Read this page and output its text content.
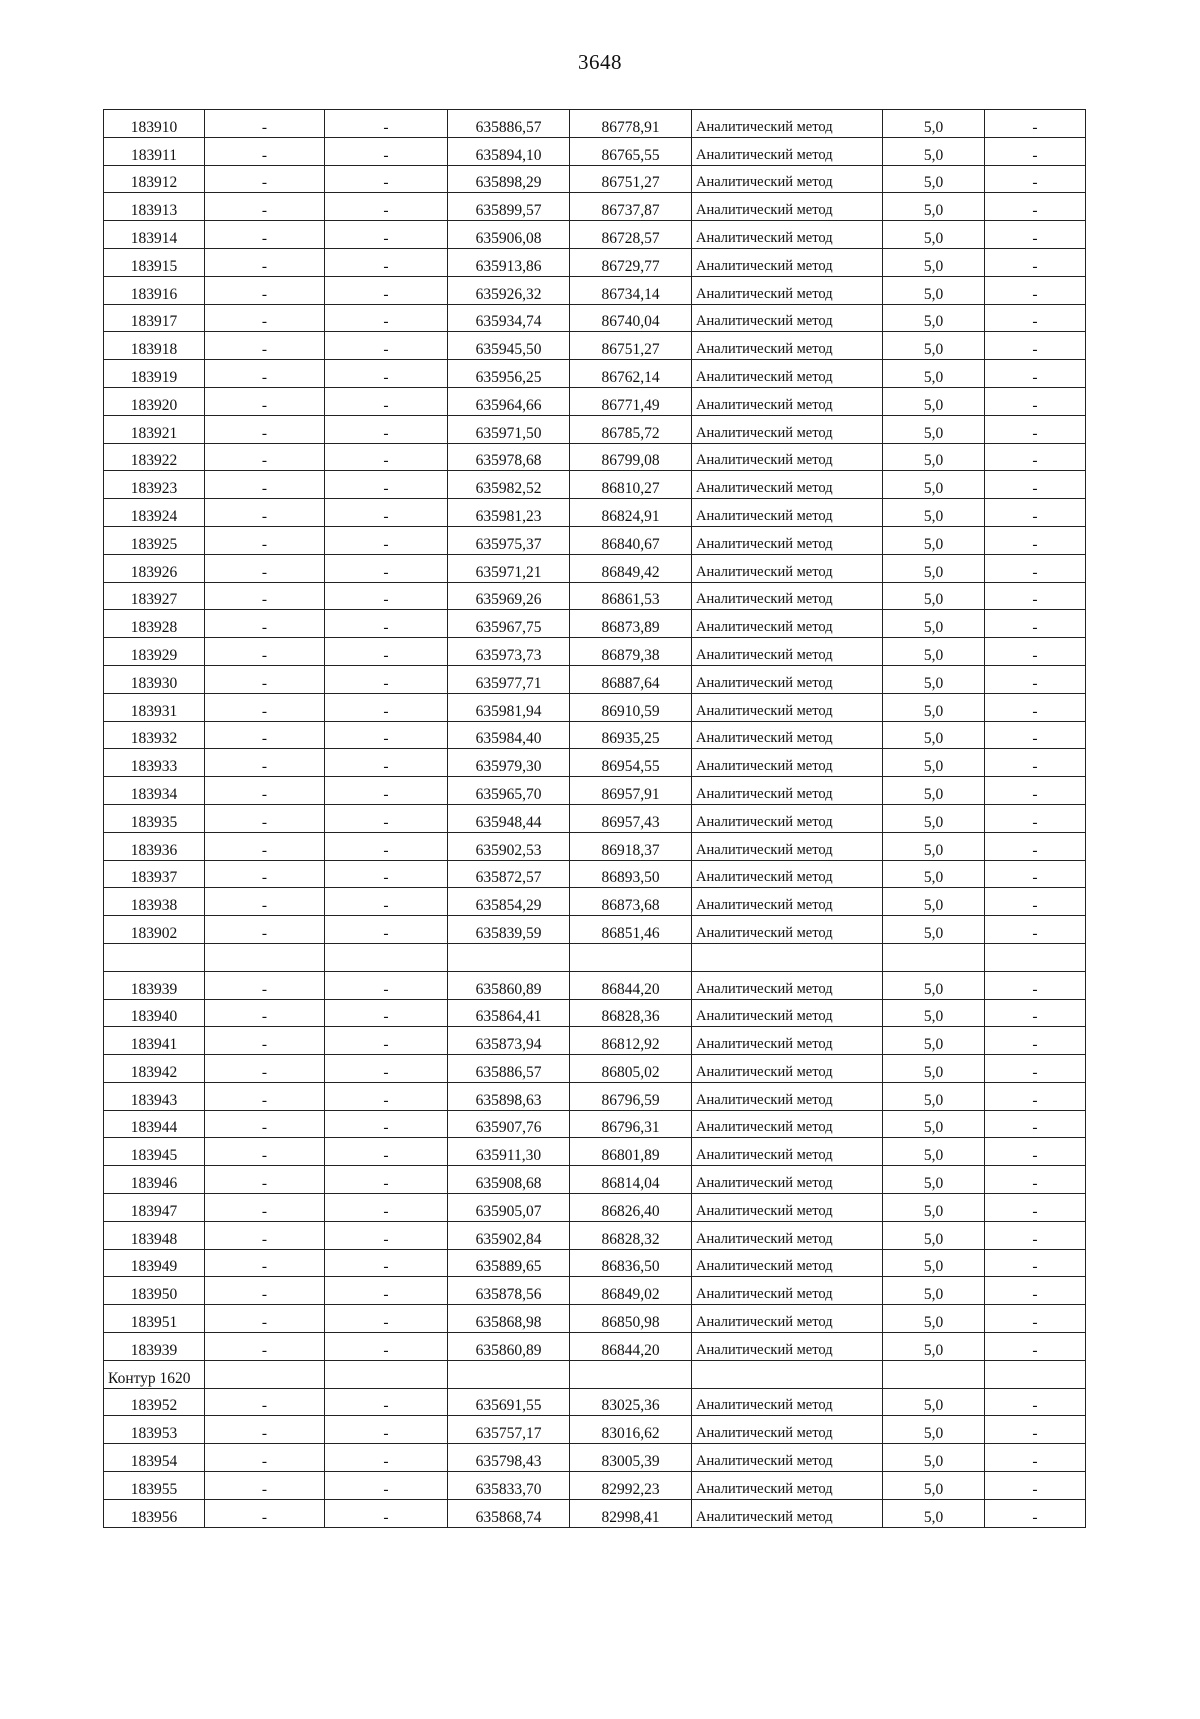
3648
183910	-	-	635886,57	86778,91	Аналитический метод	5,0	-
183911	-	-	635894,10	86765,55	Аналитический метод	5,0	-
183912	-	-	635898,29	86751,27	Аналитический метод	5,0	-
183913	-	-	635899,57	86737,87	Аналитический метод	5,0	-
183914	-	-	635906,08	86728,57	Аналитический метод	5,0	-
183915	-	-	635913,86	86729,77	Аналитический метод	5,0	-
183916	-	-	635926,32	86734,14	Аналитический метод	5,0	-
183917	-	-	635934,74	86740,04	Аналитический метод	5,0	-
183918	-	-	635945,50	86751,27	Аналитический метод	5,0	-
183919	-	-	635956,25	86762,14	Аналитический метод	5,0	-
183920	-	-	635964,66	86771,49	Аналитический метод	5,0	-
183921	-	-	635971,50	86785,72	Аналитический метод	5,0	-
183922	-	-	635978,68	86799,08	Аналитический метод	5,0	-
183923	-	-	635982,52	86810,27	Аналитический метод	5,0	-
183924	-	-	635981,23	86824,91	Аналитический метод	5,0	-
183925	-	-	635975,37	86840,67	Аналитический метод	5,0	-
183926	-	-	635971,21	86849,42	Аналитический метод	5,0	-
183927	-	-	635969,26	86861,53	Аналитический метод	5,0	-
183928	-	-	635967,75	86873,89	Аналитический метод	5,0	-
183929	-	-	635973,73	86879,38	Аналитический метод	5,0	-
183930	-	-	635977,71	86887,64	Аналитический метод	5,0	-
183931	-	-	635981,94	86910,59	Аналитический метод	5,0	-
183932	-	-	635984,40	86935,25	Аналитический метод	5,0	-
183933	-	-	635979,30	86954,55	Аналитический метод	5,0	-
183934	-	-	635965,70	86957,91	Аналитический метод	5,0	-
183935	-	-	635948,44	86957,43	Аналитический метод	5,0	-
183936	-	-	635902,53	86918,37	Аналитический метод	5,0	-
183937	-	-	635872,57	86893,50	Аналитический метод	5,0	-
183938	-	-	635854,29	86873,68	Аналитический метод	5,0	-
183902	-	-	635839,59	86851,46	Аналитический метод	5,0	-

183939	-	-	635860,89	86844,20	Аналитический метод	5,0	-
183940	-	-	635864,41	86828,36	Аналитический метод	5,0	-
183941	-	-	635873,94	86812,92	Аналитический метод	5,0	-
183942	-	-	635886,57	86805,02	Аналитический метод	5,0	-
183943	-	-	635898,63	86796,59	Аналитический метод	5,0	-
183944	-	-	635907,76	86796,31	Аналитический метод	5,0	-
183945	-	-	635911,30	86801,89	Аналитический метод	5,0	-
183946	-	-	635908,68	86814,04	Аналитический метод	5,0	-
183947	-	-	635905,07	86826,40	Аналитический метод	5,0	-
183948	-	-	635902,84	86828,32	Аналитический метод	5,0	-
183949	-	-	635889,65	86836,50	Аналитический метод	5,0	-
183950	-	-	635878,56	86849,02	Аналитический метод	5,0	-
183951	-	-	635868,98	86850,98	Аналитический метод	5,0	-
183939	-	-	635860,89	86844,20	Аналитический метод	5,0	-
Контур 1620							
183952	-	-	635691,55	83025,36	Аналитический метод	5,0	-
183953	-	-	635757,17	83016,62	Аналитический метод	5,0	-
183954	-	-	635798,43	83005,39	Аналитический метод	5,0	-
183955	-	-	635833,70	82992,23	Аналитический метод	5,0	-
183956	-	-	635868,74	82998,41	Аналитический метод	5,0	-
